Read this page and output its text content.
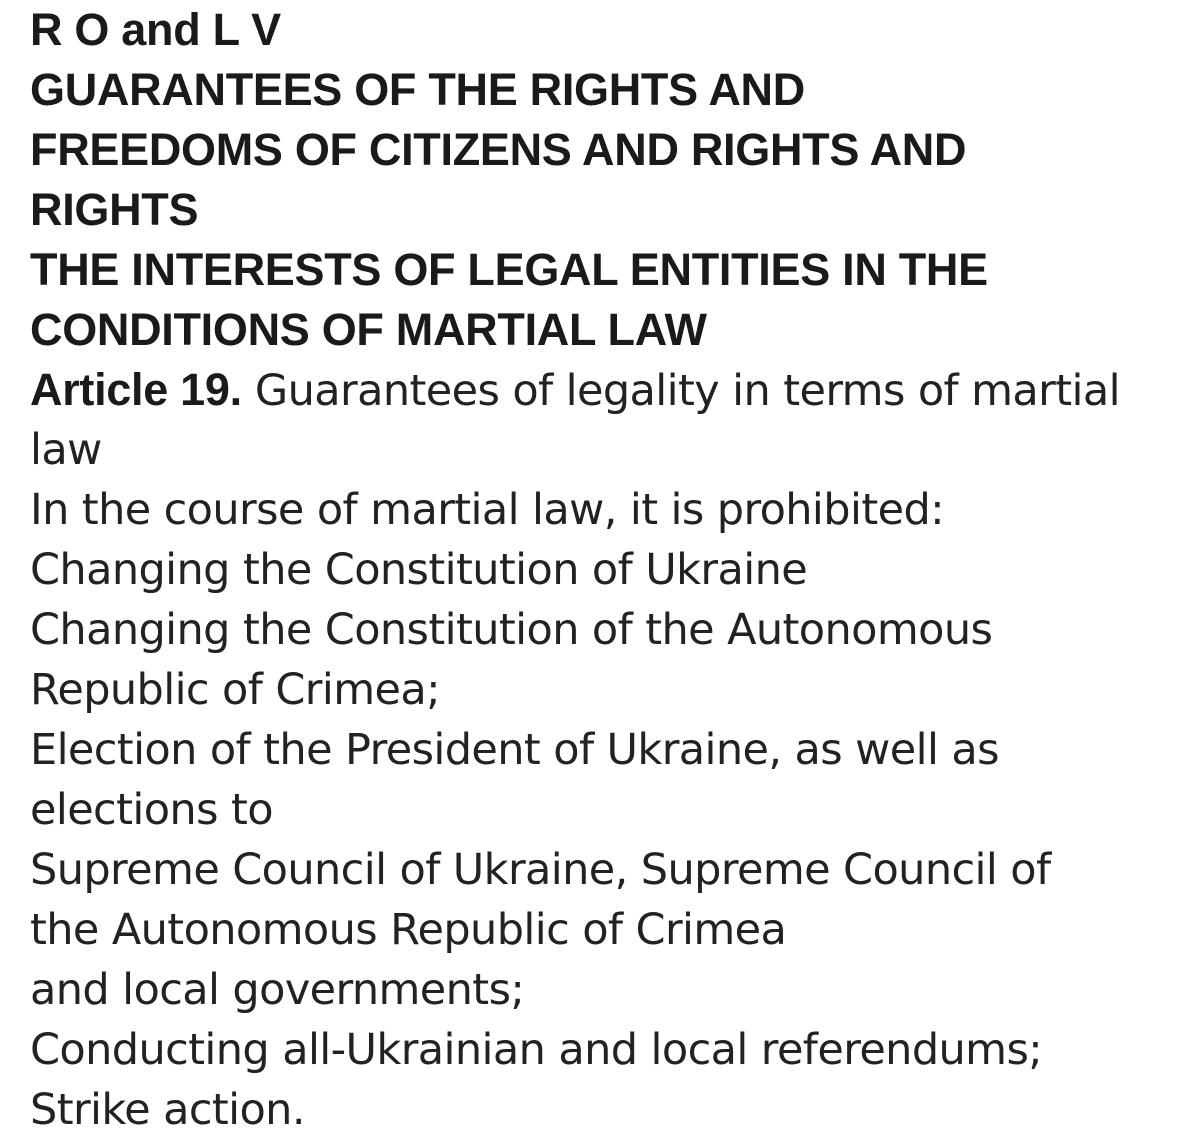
R O and L V
GUARANTEES OF THE RIGHTS AND
FREEDOMS OF CITIZENS AND RIGHTS AND
RIGHTS
THE INTERESTS OF LEGAL ENTITIES IN THE
CONDITIONS OF MARTIAL LAW
Article 19. Guarantees of legality in terms of martial
law
In the course of martial law, it is prohibited:
Changing the Constitution of Ukraine
Changing the Constitution of the Autonomous
Republic of Crimea;
Election of the President of Ukraine, as well as
elections to
Supreme Council of Ukraine, Supreme Council of
the Autonomous Republic of Crimea
and local governments;
Conducting all-Ukrainian and local referendums;
Strike action.
